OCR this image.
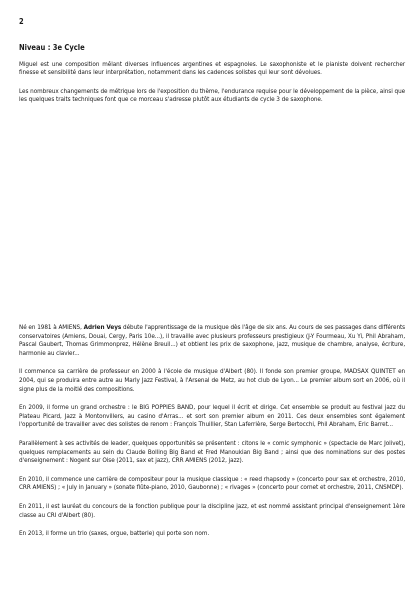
2
Niveau : 3e Cycle

Miguel est une composition mêlant diverses influences argentines et espagnoles. Le saxophoniste et le pianiste doivent rechercher finesse et sensibilité dans leur interprétation, notamment dans les cadences solistes qui leur sont dévolues.

Les nombreux changements de métrique lors de l'exposition du thème, l'endurance requise pour le développement de la pièce, ainsi que les quelques traits techniques font que ce morceau s'adresse plutôt aux étudiants de cycle 3 de saxophone.

Né en 1981 à AMIENS, Adrien Veys débute l'apprentissage de la musique dès l'âge de six ans. Au cours de ses passages dans différents conservatoires (Amiens, Douai, Cergy, Paris 10e...), il travaille avec plusieurs professeurs prestigieux (J-Y Fourmeau, Xu Yi, Phil Abraham, Pascal Gaubert, Thomas Grimmonprez, Hélène Breuil...) et obtient les prix de saxophone, jazz, musique de chambre, analyse, écriture, harmonie au clavier...

Il commence sa carrière de professeur en 2000 à l'école de musique d'Albert (80). Il fonde son premier groupe, MADSAX QUINTET en 2004, qui se produira entre autre au Marly Jazz Festival, à l'Arsenal de Metz, au hot club de Lyon... Le premier album sort en 2006, où il signe plus de la moitié des compositions.

En 2009, il forme un grand orchestre : le BIG POPPIES BAND, pour lequel il écrit et dirige. Cet ensemble se produit au festival jazz du Plateau Picard, Jazz à Montonvillers, au casino d'Arras... et sort son premier album en 2011. Ces deux ensembles sont également l'opportunité de travailler avec des solistes de renom : François Thuillier, Stan Laferrière, Serge Bertocchi, Phil Abraham, Eric Barret...

Parallèlement à ses activités de leader, quelques opportunités se présentent : citons le « comic symphonic » (spectacle de Marc Jolivet), quelques remplacements au sein du Claude Bolling Big Band et Fred Manoukian Big Band ; ainsi que des nominations sur des postes d'enseignement : Nogent sur Oise (2011, sax et jazz), CRR AMIENS (2012, jazz).

En 2010, il commence une carrière de compositeur pour la musique classique : « reed rhapsody » (concerto pour sax et orchestre, 2010, CRR AMIENS) ; « July in January » (sonate flûte-piano, 2010, Gaubonne) ; « rivages » (concerto pour cornet et orchestre, 2011, CNSMDP).

En 2011, il est lauréat du concours de la fonction publique pour la discipline jazz, et est nommé assistant principal d'enseignement 1ère classe au CRI d'Albert (80).

En 2013, il forme un trio (saxes, orgue, batterie) qui porte son nom.
